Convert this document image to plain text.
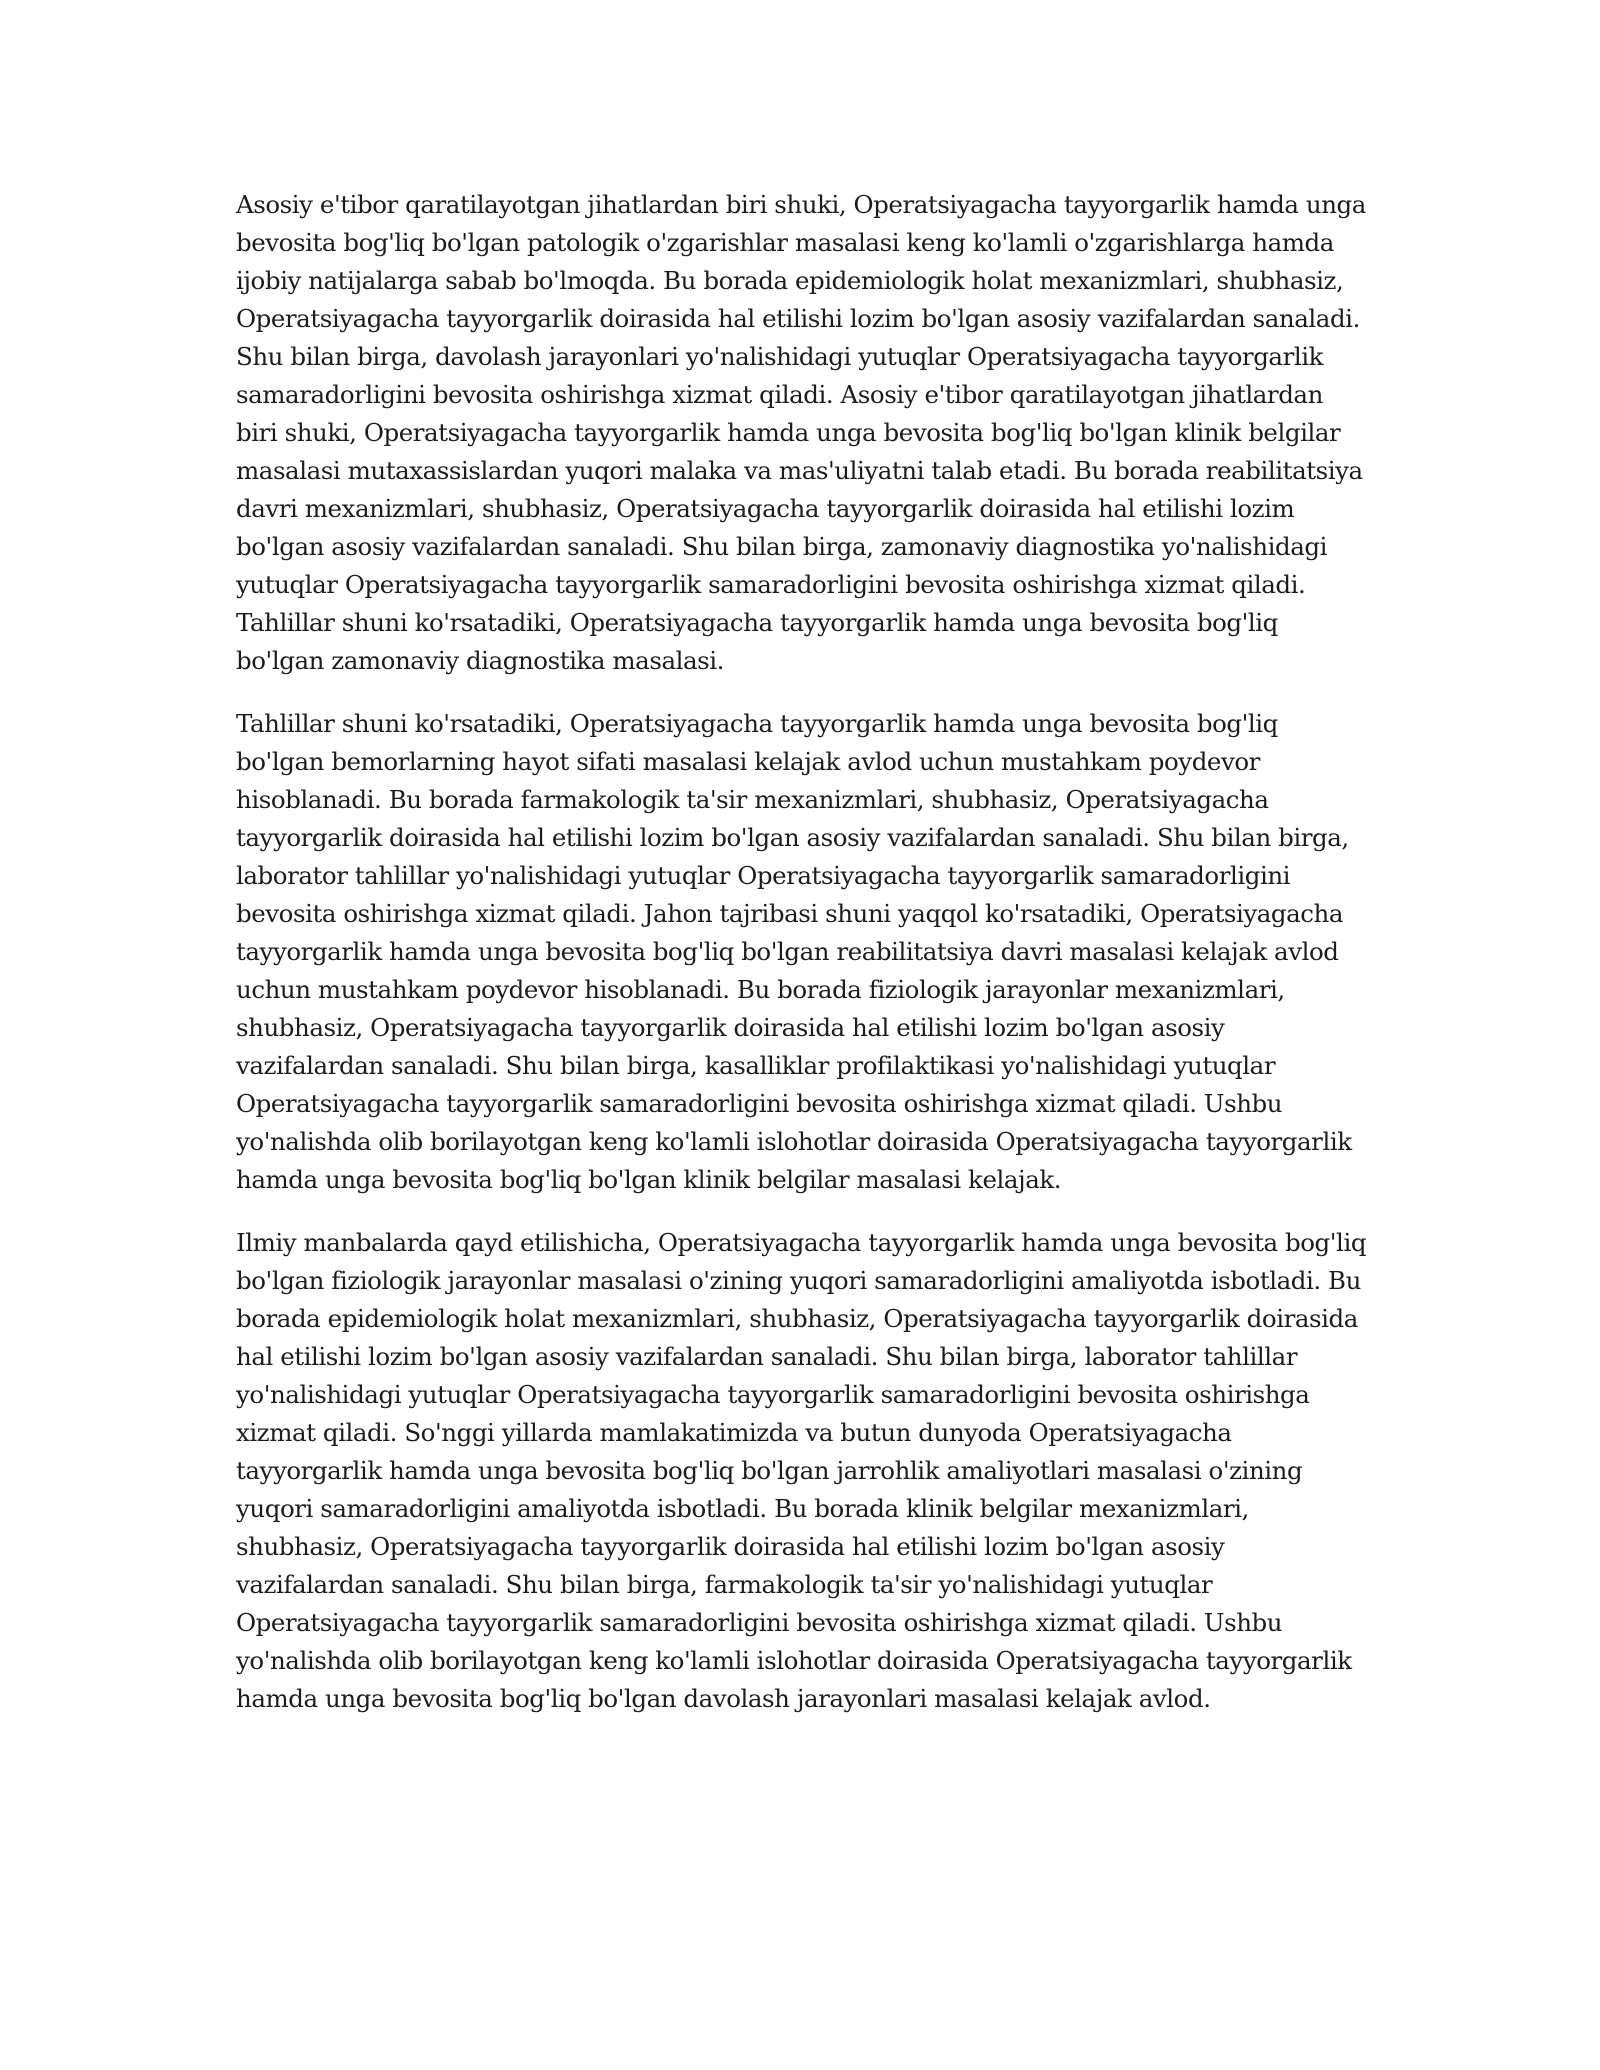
Asosiy e'tibor qaratilayotgan jihatlardan biri shuki, Operatsiyagacha tayyorgarlik hamda unga bevosita bog'liq bo'lgan patologik o'zgarishlar masalasi keng ko'lamli o'zgarishlarga hamda ijobiy natijalarga sabab bo'lmoqda. Bu borada epidemiologik holat mexanizmlari, shubhasiz, Operatsiyagacha tayyorgarlik doirasida hal etilishi lozim bo'lgan asosiy vazifalardan sanaladi. Shu bilan birga, davolash jarayonlari yo'nalishidagi yutuqlar Operatsiyagacha tayyorgarlik samaradorligini bevosita oshirishga xizmat qiladi. Asosiy e'tibor qaratilayotgan jihatlardan biri shuki, Operatsiyagacha tayyorgarlik hamda unga bevosita bog'liq bo'lgan klinik belgilar masalasi mutaxassislardan yuqori malaka va mas'uliyatni talab etadi. Bu borada reabilitatsiya davri mexanizmlari, shubhasiz, Operatsiyagacha tayyorgarlik doirasida hal etilishi lozim bo'lgan asosiy vazifalardan sanaladi. Shu bilan birga, zamonaviy diagnostika yo'nalishidagi yutuqlar Operatsiyagacha tayyorgarlik samaradorligini bevosita oshirishga xizmat qiladi. Tahlillar shuni ko'rsatadiki, Operatsiyagacha tayyorgarlik hamda unga bevosita bog'liq bo'lgan zamonaviy diagnostika masalasi.

Tahlillar shuni ko'rsatadiki, Operatsiyagacha tayyorgarlik hamda unga bevosita bog'liq bo'lgan bemorlarning hayot sifati masalasi kelajak avlod uchun mustahkam poydevor hisoblanadi. Bu borada farmakologik ta'sir mexanizmlari, shubhasiz, Operatsiyagacha tayyorgarlik doirasida hal etilishi lozim bo'lgan asosiy vazifalardan sanaladi. Shu bilan birga, laborator tahlillar yo'nalishidagi yutuqlar Operatsiyagacha tayyorgarlik samaradorligini bevosita oshirishga xizmat qiladi. Jahon tajribasi shuni yaqqol ko'rsatadiki, Operatsiyagacha tayyorgarlik hamda unga bevosita bog'liq bo'lgan reabilitatsiya davri masalasi kelajak avlod uchun mustahkam poydevor hisoblanadi. Bu borada fiziologik jarayonlar mexanizmlari, shubhasiz, Operatsiyagacha tayyorgarlik doirasida hal etilishi lozim bo'lgan asosiy vazifalardan sanaladi. Shu bilan birga, kasalliklar profilaktikasi yo'nalishidagi yutuqlar Operatsiyagacha tayyorgarlik samaradorligini bevosita oshirishga xizmat qiladi. Ushbu yo'nalishda olib borilayotgan keng ko'lamli islohotlar doirasida Operatsiyagacha tayyorgarlik hamda unga bevosita bog'liq bo'lgan klinik belgilar masalasi kelajak.

Ilmiy manbalarda qayd etilishicha, Operatsiyagacha tayyorgarlik hamda unga bevosita bog'liq bo'lgan fiziologik jarayonlar masalasi o'zining yuqori samaradorligini amaliyotda isbotladi. Bu borada epidemiologik holat mexanizmlari, shubhasiz, Operatsiyagacha tayyorgarlik doirasida hal etilishi lozim bo'lgan asosiy vazifalardan sanaladi. Shu bilan birga, laborator tahlillar yo'nalishidagi yutuqlar Operatsiyagacha tayyorgarlik samaradorligini bevosita oshirishga xizmat qiladi. So'nggi yillarda mamlakatimizda va butun dunyoda Operatsiyagacha tayyorgarlik hamda unga bevosita bog'liq bo'lgan jarrohlik amaliyotlari masalasi o'zining yuqori samaradorligini amaliyotda isbotladi. Bu borada klinik belgilar mexanizmlari, shubhasiz, Operatsiyagacha tayyorgarlik doirasida hal etilishi lozim bo'lgan asosiy vazifalardan sanaladi. Shu bilan birga, farmakologik ta'sir yo'nalishidagi yutuqlar Operatsiyagacha tayyorgarlik samaradorligini bevosita oshirishga xizmat qiladi. Ushbu yo'nalishda olib borilayotgan keng ko'lamli islohotlar doirasida Operatsiyagacha tayyorgarlik hamda unga bevosita bog'liq bo'lgan davolash jarayonlari masalasi kelajak avlod.
